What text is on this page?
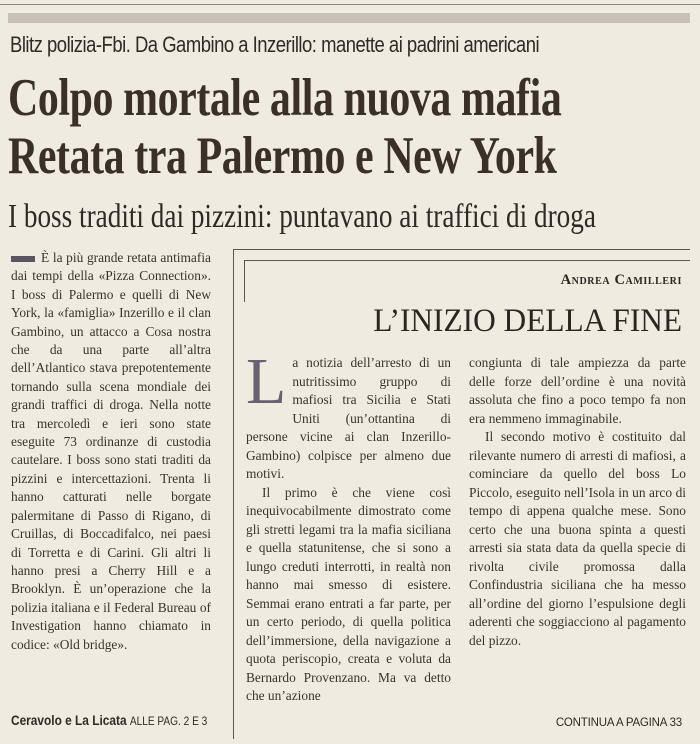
Blitz polizia-Fbi. Da Gambino a Inzerillo: manette ai padrini americani
Colpo mortale alla nuova mafia
Retata tra Palermo e New York
I boss traditi dai pizzini: puntavano ai traffici di droga

È la più grande retata antimafia dai tempi della «Pizza Connection». I boss di Palermo e quelli di New York, la «famiglia» Inzerillo e il clan Gambino, un attacco a Cosa nostra che da una parte all’altra dell’Atlantico stava prepotentemente tornando sulla scena mondiale dei grandi traffici di droga. Nella notte tra mercoledì e ieri sono state eseguite 73 ordinanze di custodia cautelare. I boss sono stati traditi da pizzini e intercettazioni. Trenta li hanno catturati nelle borgate palermitane di Passo di Rigano, di Cruillas, di Boccadifalco, nei paesi di Torretta e di Carini. Gli altri li hanno presi a Cherry Hill e a Brooklyn. È un’operazione che la polizia italiana e il Federal Bureau of Investigation hanno chiamato in codice: «Old bridge».

Ceravolo e La Licata ALLE PAG. 2 E 3
Andrea Camilleri
L’INIZIO DELLA FINE

La notizia dell’arresto di un nutritissimo gruppo di mafiosi tra Sicilia e Stati Uniti (un’ottantina di persone vicine ai clan Inzerillo-Gambino) colpisce per almeno due motivi.

Il primo è che viene così inequivocabilmente dimostrato come gli stretti legami tra la mafia siciliana e quella statunitense, che si sono a lungo creduti interrotti, in realtà non hanno mai smesso di esistere. Semmai erano entrati a far parte, per un certo periodo, di quella politica dell’immersione, della navigazione a quota periscopio, creata e voluta da Bernardo Provenzano. Ma va detto che un’azione

congiunta di tale ampiezza da parte delle forze dell’ordine è una novità assoluta che fino a poco tempo fa non era nemmeno immaginabile.

Il secondo motivo è costituito dal rilevante numero di arresti di mafiosi, a cominciare da quello del boss Lo Piccolo, eseguito nell’Isola in un arco di tempo di appena qualche mese. Sono certo che una buona spinta a questi arresti sia stata data da quella specie di rivolta civile promossa dalla Confindustria siciliana che ha messo all’ordine del giorno l’espulsione degli aderenti che soggiacciono al pagamento del pizzo.

CONTINUA A PAGINA 33
